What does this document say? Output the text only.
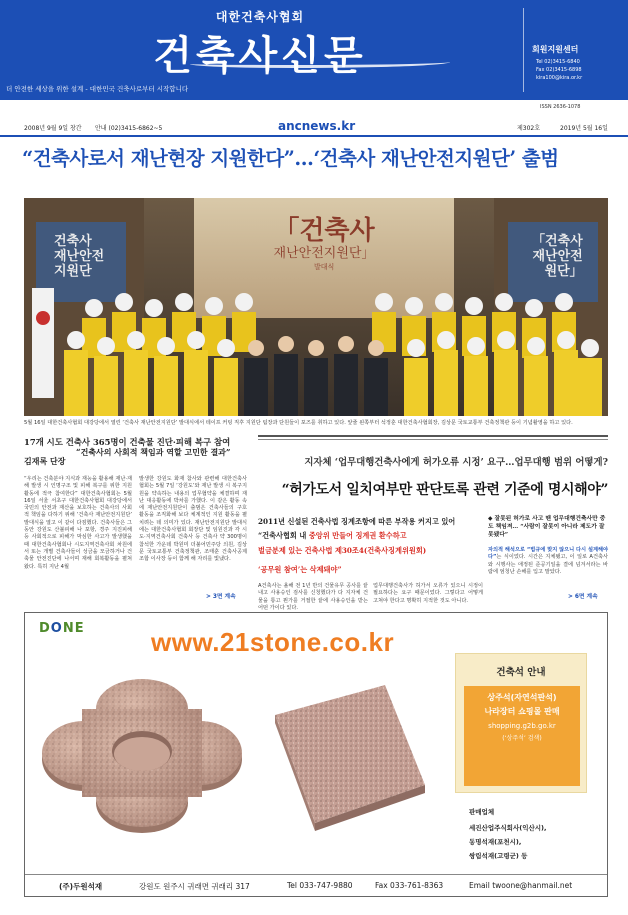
대한건축사협회
건축사신문
더 안전한 세상을 위한 설계 - 대한민국 건축사로부터 시작합니다
회원지원센터
Tel 02)3415-6840
Fax 02)3415-6898
kira100@kira.or.kr
ISSN 2636-1078
2008년 9월 9일 창간 안내 (02)3415-6862~5	ancnews.kr	제302호	2019년 5월 16일
“건축사로서 재난현장 지원한다”…‘건축사 재난안전지원단’ 출범
「건축사
재난안전지원단」
발대식
건축사
재난안전
지원단
「건축사
재난안전
원단」
5월 16일 대한건축사협회 대강당에서 열린 ‘건축사 재난안전지원단’ 발대식에서 테이프 커팅 직후 지원단 팀장과 단원들이 포즈를 취하고 있다. 앞줄 왼쪽부터 석정훈 대한건축사협회장, 김상문 국토교통부 건축정책관 등이 기념촬영을 하고 있다.
17개 시도 건축사 365명이 건축물 진단·피해 복구 참여
김재록 단장
“건축사의 사회적 책임과 역할 고민한 결과”
“우리는 건축분야 지식과 재능을 활용해 재난·재해 발생 시 인명구조 및 피해 복구를 위한 지원활동에 적극 참여한다” 대한건축사협회는 5월 16일 서울 서초구 대한건축사협회 대강당에서 국민의 안전과 재산을 보호하는 건축사의 사회적 책임을 다하기 위해 ‘건축사 재난안전지원단’ 발대식을 열고 이 같이 다짐했다. 건축사들은 그동안 강원도 산불피해 나 포항, 경주 지진피해 등 사회적으로 피해가 막심한 사고가 발생했을 때 대한건축사협회나 시도지역건축사회 차원에서 또는 개별 건축사들이 성금을 모금하거나 건축물 안전진단에 나서며 재해 회복활동을 펼쳐왔다. 특히 지난 4월
발생한 강원도 화재 참사와 관련해 대한건축사협회는 5월 7일 ‘강원도’와 재난 발생 시 복구지원을 약속하는 내용의 업무협약을 체결하며 재난 대응활동에 박차를 가했다. 이 같은 활동 속에 재난안전지원단이 출범은 건축사들의 구호 활동을 조직화해 보다 체계적인 지원 활동을 펼치려는 데 의미가 있다. 재난안전지원단 발대식에는 대한건축사협회 회장단 및 임원진과 각 시도·지역건축사회 건축사 등 건축사 약 300명이 참석한 가운데 박원미 더불어민주당 의원, 김상문 국토교통부 건축정책관, 조태훈 건축사공제조합 이사장 등이 함께 해 자리를 빛냈다.
> 3면 계속
지자체 ‘업무대행건축사에게 허가오류 시정’ 요구…업무대행 범위 어떻게?
“허가도서 일치여부만 판단토록 관련 기준에 명시해야”
2011년 신설된 건축사법 징계조항에 따른 부작용 커지고 있어
“건축사협회 내 중앙위 만들어 징계권 환수하고
벌금분제 있는 건축사법 제30조4(건축사징계위원회)
‘공무원 참여’는 삭제돼야”
A건축사는 올해 전 1년 반의 건물유무 공사를 끝내고 사용승인 검사를 신청했다가 다 지자체 건물을 통고 뭔가를 거절한 끝에 사용승인을 받는 어떤 가이다 있다.
업무대행건축사가 허가서 오류가 있으니 시정이 필요하다는 요구 때문이었다. 그렇다고 어떻게 고쳐야 한다고 명확히 지적한 것도 아니다.
◆ 잘못된 허가로 사고 땐 업무대행건축사만 중도 책임져… “사람이 잘못이 아니라 제도가 잘못됐다”
자의적 해석으로 “법규에 맞지 않으니 다시 설계해야다”는 식이었다. 시간은 지체됐고, 이 일로 A건축사와 시행사는 애정된 준공기일을 결에 넘겨서라는 바람에 엄청난 손해를 입고 말았다.
> 6면 계속
DONE	www.21stone.co.kr
건축석 안내
상주석(자연석판석)
나라장터 쇼핑몰 판매
shopping.g2b.go.kr
(‘상주석’ 검색)
판매업체
세진산업주식회사(익산시),
동명석재(포천시),
쌍림석재(고령군) 등
(주)두원석재	강원도 원주시 귀래면 귀래리 317	Tel 033-747-9880	Fax 033-761-8363	Email twoone@hanmail.net
